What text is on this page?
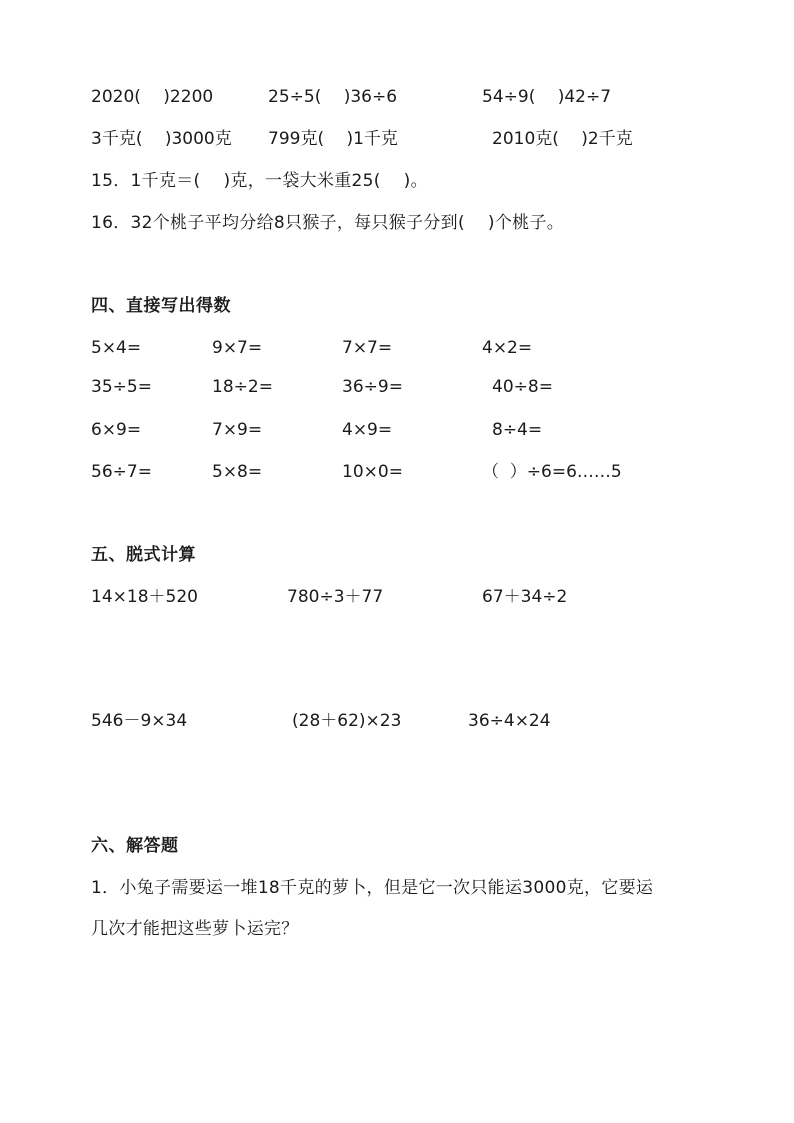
2020(　 )2200	25÷5(　 )36÷6	54÷9(　 )42÷7
3千克(　 )3000克 799克(　 )1千克	2010克(　 )2千克
15．1千克＝(　 )克，一袋大米重25(　 )。
16．32个桃子平均分给8只猴子，每只猴子分到(　 )个桃子。
四、直接写出得数
5×4=	9×7=	7×7=	4×2=
35÷5=	18÷2=	36÷9=	40÷8=
6×9=	7×9=	4×9=	8÷4=
56÷7=	5×8=	10×0=	（  ）÷6=6……5
五、脱式计算
14×18＋520	780÷3＋77	67＋34÷2
546－9×34	(28＋62)×23	36÷4×24
六、解答题
1．小兔子需要运一堆18千克的萝卜，但是它一次只能运3000克，它要运
几次才能把这些萝卜运完？
